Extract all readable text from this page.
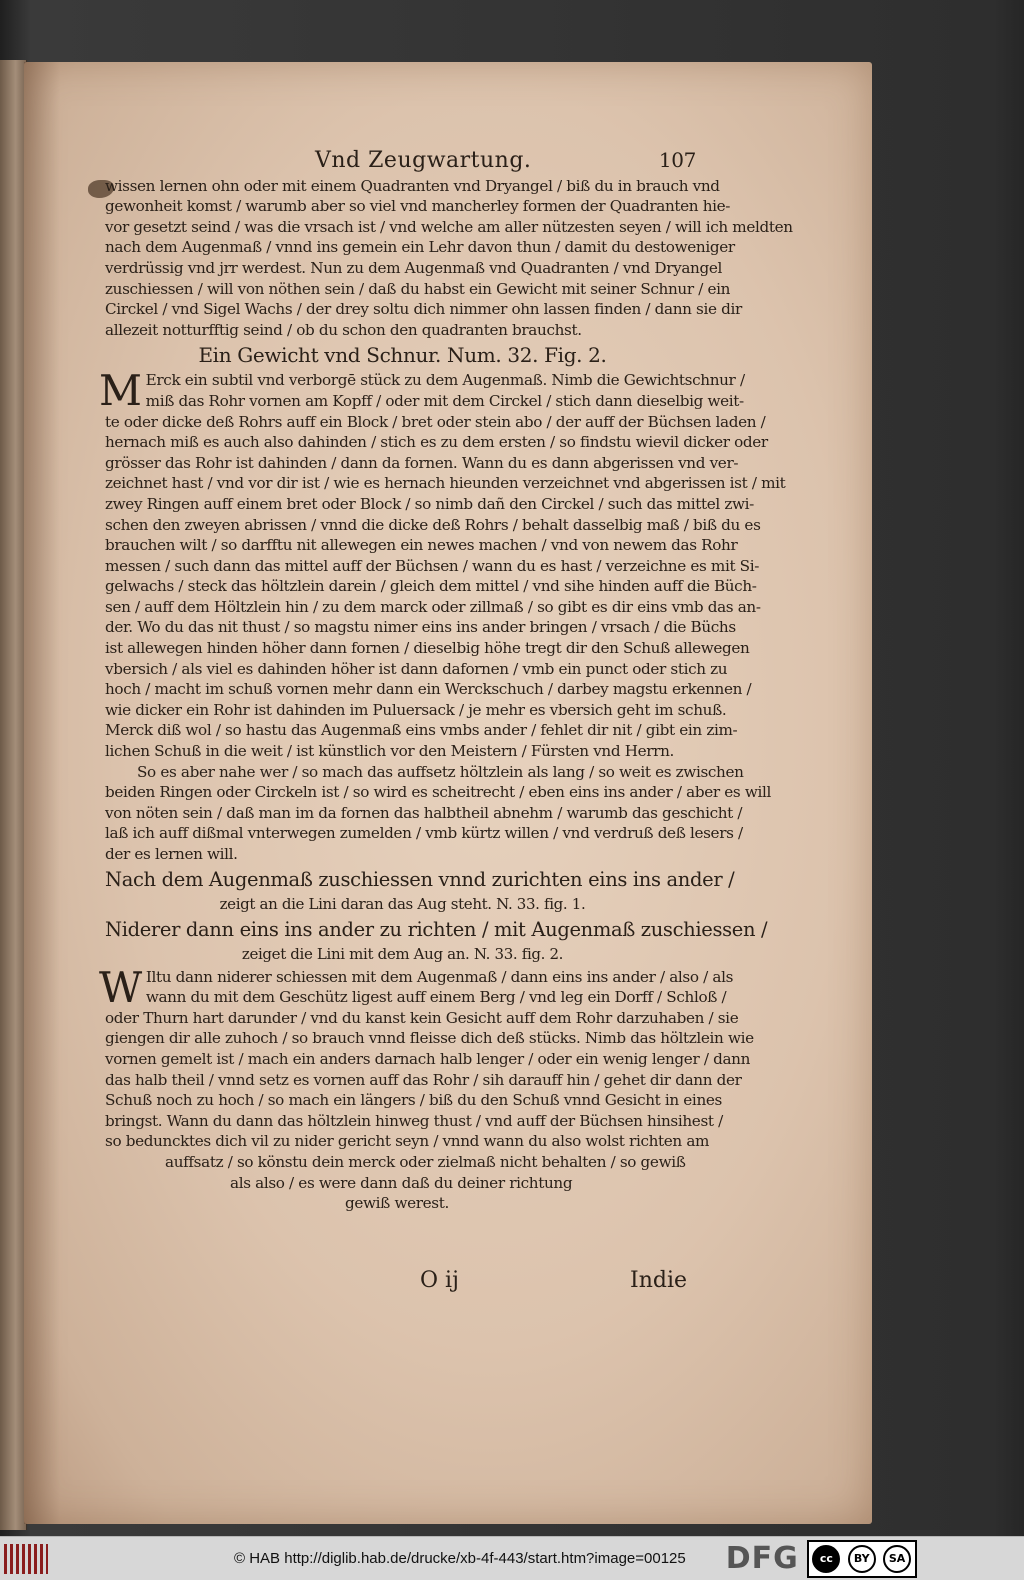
Vnd Zeugwartung.	107
wissen lernen ohn oder mit einem Quadranten vnd Dryangel / biß du in brauch vnd
gewonheit komst / warumb aber so viel vnd mancherley formen der Quadranten hie-
vor gesetzt seind / was die vrsach ist / vnd welche am aller nützesten seyen / will ich meldten
nach dem Augenmaß / vnnd ins gemein ein Lehr davon thun / damit du destoweniger
verdrüssig vnd jrr werdest. Nun zu dem Augenmaß vnd Quadranten / vnd Dryangel
zuschiessen / will von nöthen sein / daß du habst ein Gewicht mit seiner Schnur / ein
Circkel / vnd Sigel Wachs / der drey soltu dich nimmer ohn lassen finden / dann sie dir
allezeit notturfftig seind / ob du schon den quadranten brauchst.
Ein Gewicht vnd Schnur. Num. 32. Fig. 2.
M Erck ein subtil vnd verborgē stück zu dem Augenmaß. Nimb die Gewichtschnur /
miß das Rohr vornen am Kopff / oder mit dem Circkel / stich dann dieselbig weit-
te oder dicke deß Rohrs auff ein Block / bret oder stein abo / der auff der Büchsen laden /
hernach miß es auch also dahinden / stich es zu dem ersten / so findstu wievil dicker oder
grösser das Rohr ist dahinden / dann da fornen. Wann du es dann abgerissen vnd ver-
zeichnet hast / vnd vor dir ist / wie es hernach hieunden verzeichnet vnd abgerissen ist / mit
zwey Ringen auff einem bret oder Block / so nimb dañ den Circkel / such das mittel zwi-
schen den zweyen abrissen / vnnd die dicke deß Rohrs / behalt dasselbig maß / biß du es
brauchen wilt / so darfftu nit allewegen ein newes machen / vnd von newem das Rohr
messen / such dann das mittel auff der Büchsen / wann du es hast / verzeichne es mit Si-
gelwachs / steck das höltzlein darein / gleich dem mittel / vnd sihe hinden auff die Büch-
sen / auff dem Höltzlein hin / zu dem marck oder zillmaß / so gibt es dir eins vmb das an-
der. Wo du das nit thust / so magstu nimer eins ins ander bringen / vrsach / die Büchs
ist allewegen hinden höher dann fornen / dieselbig höhe tregt dir den Schuß allewegen
vbersich / als viel es dahinden höher ist dann dafornen / vmb ein punct oder stich zu
hoch / macht im schuß vornen mehr dann ein Werckschuch / darbey magstu erkennen /
wie dicker ein Rohr ist dahinden im Puluersack / je mehr es vbersich geht im schuß.
Merck diß wol / so hastu das Augenmaß eins vmbs ander / fehlet dir nit / gibt ein zim-
lichen Schuß in die weit / ist künstlich vor den Meistern / Fürsten vnd Herrn.
So es aber nahe wer / so mach das auffsetz höltzlein als lang / so weit es zwischen
beiden Ringen oder Circkeln ist / so wird es scheitrecht / eben eins ins ander / aber es will
von nöten sein / daß man im da fornen das halbtheil abnehm / warumb das geschicht /
laß ich auff dißmal vnterwegen zumelden / vmb kürtz willen / vnd verdruß deß lesers /
der es lernen will.
Nach dem Augenmaß zuschiessen vnnd zurichten eins ins ander /
zeigt an die Lini daran das Aug steht. N. 33. fig. 1.
Niderer dann eins ins ander zu richten / mit Augenmaß zuschiessen /
zeiget die Lini mit dem Aug an. N. 33. fig. 2.
W Iltu dann niderer schiessen mit dem Augenmaß / dann eins ins ander / also / als
wann du mit dem Geschütz ligest auff einem Berg / vnd leg ein Dorff / Schloß /
oder Thurn hart darunder / vnd du kanst kein Gesicht auff dem Rohr darzuhaben / sie
giengen dir alle zuhoch / so brauch vnnd fleisse dich deß stücks. Nimb das höltzlein wie
vornen gemelt ist / mach ein anders darnach halb lenger / oder ein wenig lenger / dann
das halb theil / vnnd setz es vornen auff das Rohr / sih darauff hin / gehet dir dann der
Schuß noch zu hoch / so mach ein längers / biß du den Schuß vnnd Gesicht in eines
bringst. Wann du dann das höltzlein hinweg thust / vnd auff der Büchsen hinsihest /
so beduncktes dich vil zu nider gericht seyn / vnnd wann du also wolst richten am
auffsatz / so könstu dein merck oder zielmaß nicht behalten / so gewiß
als also / es were dann daß du deiner richtung
gewiß werest.
O ij	Indie
© HAB http://diglib.hab.de/drucke/xb-4f-443/start.htm?image=00125 DFG	cc	BY	SA
